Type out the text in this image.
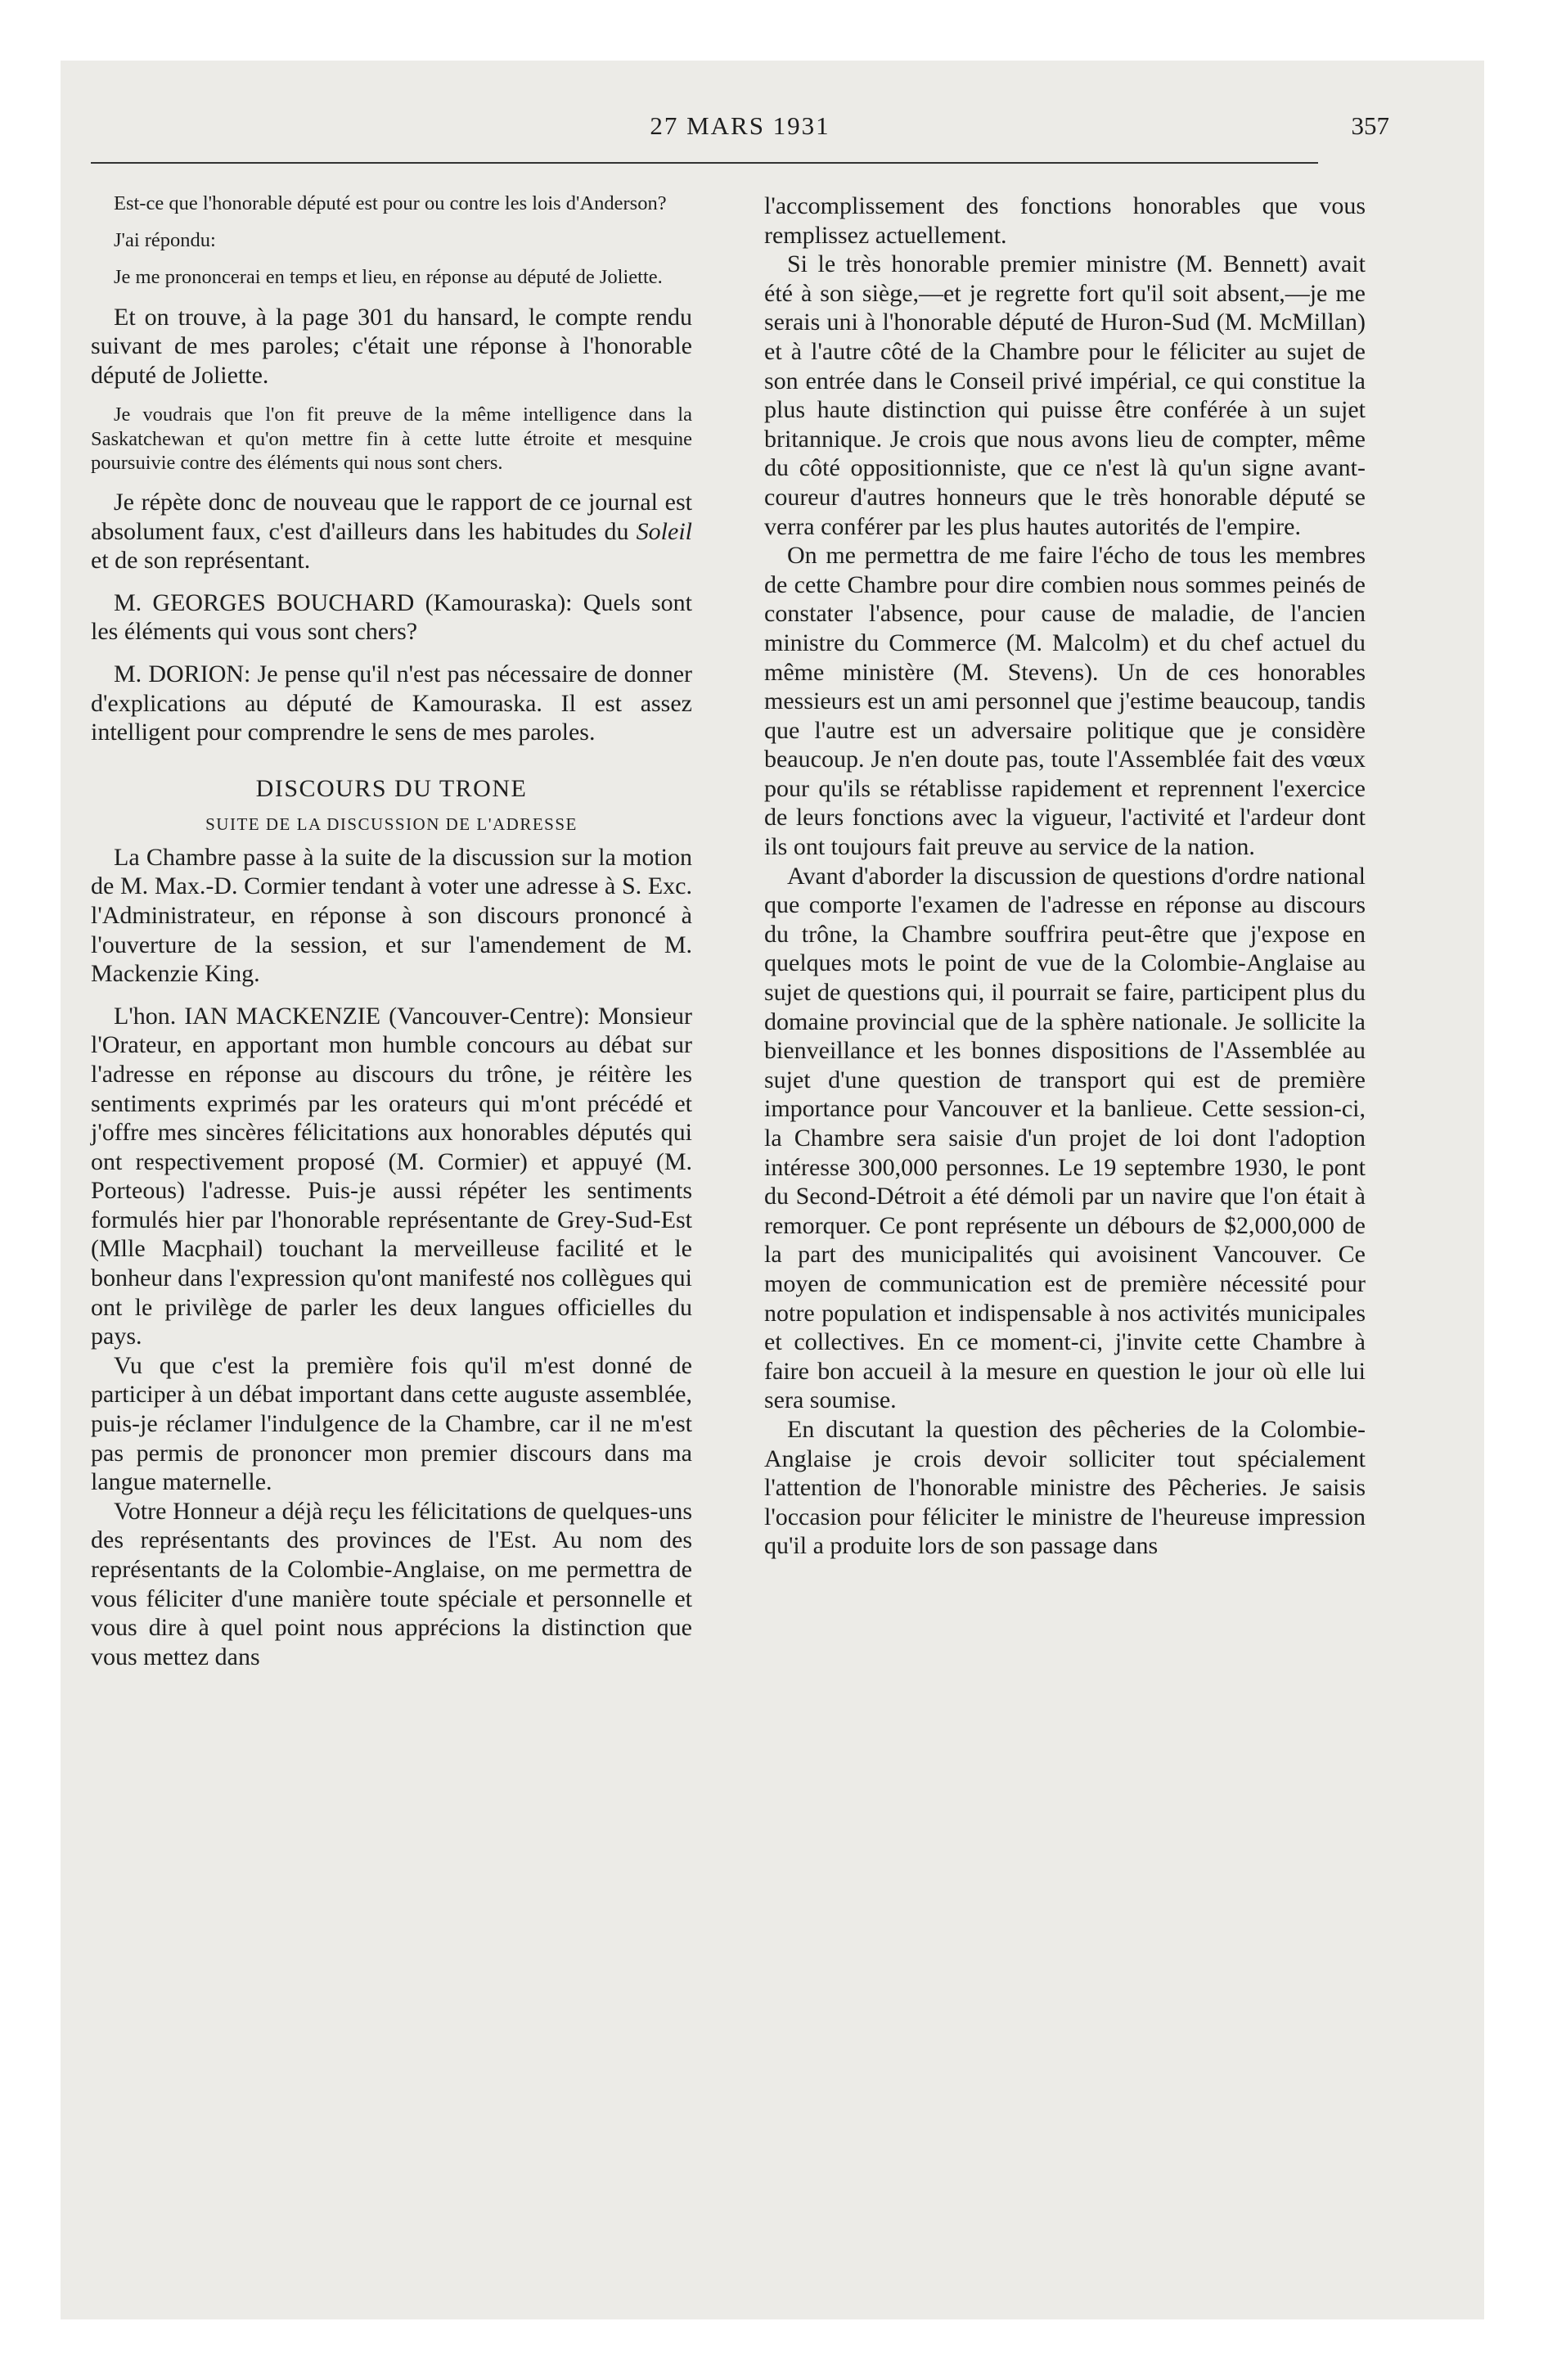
27 MARS 1931	357

Est-ce que l'honorable député est pour ou contre les lois d'Anderson?

J'ai répondu:

Je me prononcerai en temps et lieu, en réponse au député de Joliette.

Et on trouve, à la page 301 du hansard, le compte rendu suivant de mes paroles; c'était une réponse à l'honorable député de Joliette.

Je voudrais que l'on fit preuve de la même intelligence dans la Saskatchewan et qu'on mettre fin à cette lutte étroite et mesquine poursuivie contre des éléments qui nous sont chers.

Je répète donc de nouveau que le rapport de ce journal est absolument faux, c'est d'ailleurs dans les habitudes du Soleil et de son représentant.

M. GEORGES BOUCHARD (Kamouraska): Quels sont les éléments qui vous sont chers?

M. DORION: Je pense qu'il n'est pas nécessaire de donner d'explications au député de Kamouraska. Il est assez intelligent pour comprendre le sens de mes paroles.

DISCOURS DU TRONE
SUITE DE LA DISCUSSION DE L'ADRESSE

La Chambre passe à la suite de la discussion sur la motion de M. Max.-D. Cormier tendant à voter une adresse à S. Exc. l'Administrateur, en réponse à son discours prononcé à l'ouverture de la session, et sur l'amendement de M. Mackenzie King.

L'hon. IAN MACKENZIE (Vancouver-Centre): Monsieur l'Orateur, en apportant mon humble concours au débat sur l'adresse en réponse au discours du trône, je réitère les sentiments exprimés par les orateurs qui m'ont précédé et j'offre mes sincères félicitations aux honorables députés qui ont respectivement proposé (M. Cormier) et appuyé (M. Porteous) l'adresse. Puis-je aussi répéter les sentiments formulés hier par l'honorable représentante de Grey-Sud-Est (Mlle Macphail) touchant la merveilleuse facilité et le bonheur dans l'expression qu'ont manifesté nos collègues qui ont le privilège de parler les deux langues officielles du pays.

Vu que c'est la première fois qu'il m'est donné de participer à un débat important dans cette auguste assemblée, puis-je réclamer l'indulgence de la Chambre, car il ne m'est pas permis de prononcer mon premier discours dans ma langue maternelle.

Votre Honneur a déjà reçu les félicitations de quelques-uns des représentants des provinces de l'Est. Au nom des représentants de la Colombie-Anglaise, on me permettra de vous féliciter d'une manière toute spéciale et personnelle et vous dire à quel point nous apprécions la distinction que vous mettez dans

l'accomplissement des fonctions honorables que vous remplissez actuellement.

Si le très honorable premier ministre (M. Bennett) avait été à son siège,—et je regrette fort qu'il soit absent,—je me serais uni à l'honorable député de Huron-Sud (M. McMillan) et à l'autre côté de la Chambre pour le féliciter au sujet de son entrée dans le Conseil privé impérial, ce qui constitue la plus haute distinction qui puisse être conférée à un sujet britannique. Je crois que nous avons lieu de compter, même du côté oppositionniste, que ce n'est là qu'un signe avant-coureur d'autres honneurs que le très honorable député se verra conférer par les plus hautes autorités de l'empire.

On me permettra de me faire l'écho de tous les membres de cette Chambre pour dire combien nous sommes peinés de constater l'absence, pour cause de maladie, de l'ancien ministre du Commerce (M. Malcolm) et du chef actuel du même ministère (M. Stevens). Un de ces honorables messieurs est un ami personnel que j'estime beaucoup, tandis que l'autre est un adversaire politique que je considère beaucoup. Je n'en doute pas, toute l'Assemblée fait des vœux pour qu'ils se rétablisse rapidement et reprennent l'exercice de leurs fonctions avec la vigueur, l'activité et l'ardeur dont ils ont toujours fait preuve au service de la nation.

Avant d'aborder la discussion de questions d'ordre national que comporte l'examen de l'adresse en réponse au discours du trône, la Chambre souffrira peut-être que j'expose en quelques mots le point de vue de la Colombie-Anglaise au sujet de questions qui, il pourrait se faire, participent plus du domaine provincial que de la sphère nationale. Je sollicite la bienveillance et les bonnes dispositions de l'Assemblée au sujet d'une question de transport qui est de première importance pour Vancouver et la banlieue. Cette session-ci, la Chambre sera saisie d'un projet de loi dont l'adoption intéresse 300,000 personnes. Le 19 septembre 1930, le pont du Second-Détroit a été démoli par un navire que l'on était à remorquer. Ce pont représente un débours de $2,000,000 de la part des municipalités qui avoisinent Vancouver. Ce moyen de communication est de première nécessité pour notre population et indispensable à nos activités municipales et collectives. En ce moment-ci, j'invite cette Chambre à faire bon accueil à la mesure en question le jour où elle lui sera soumise.

En discutant la question des pêcheries de la Colombie-Anglaise je crois devoir solliciter tout spécialement l'attention de l'honorable ministre des Pêcheries. Je saisis l'occasion pour féliciter le ministre de l'heureuse impression qu'il a produite lors de son passage dans
